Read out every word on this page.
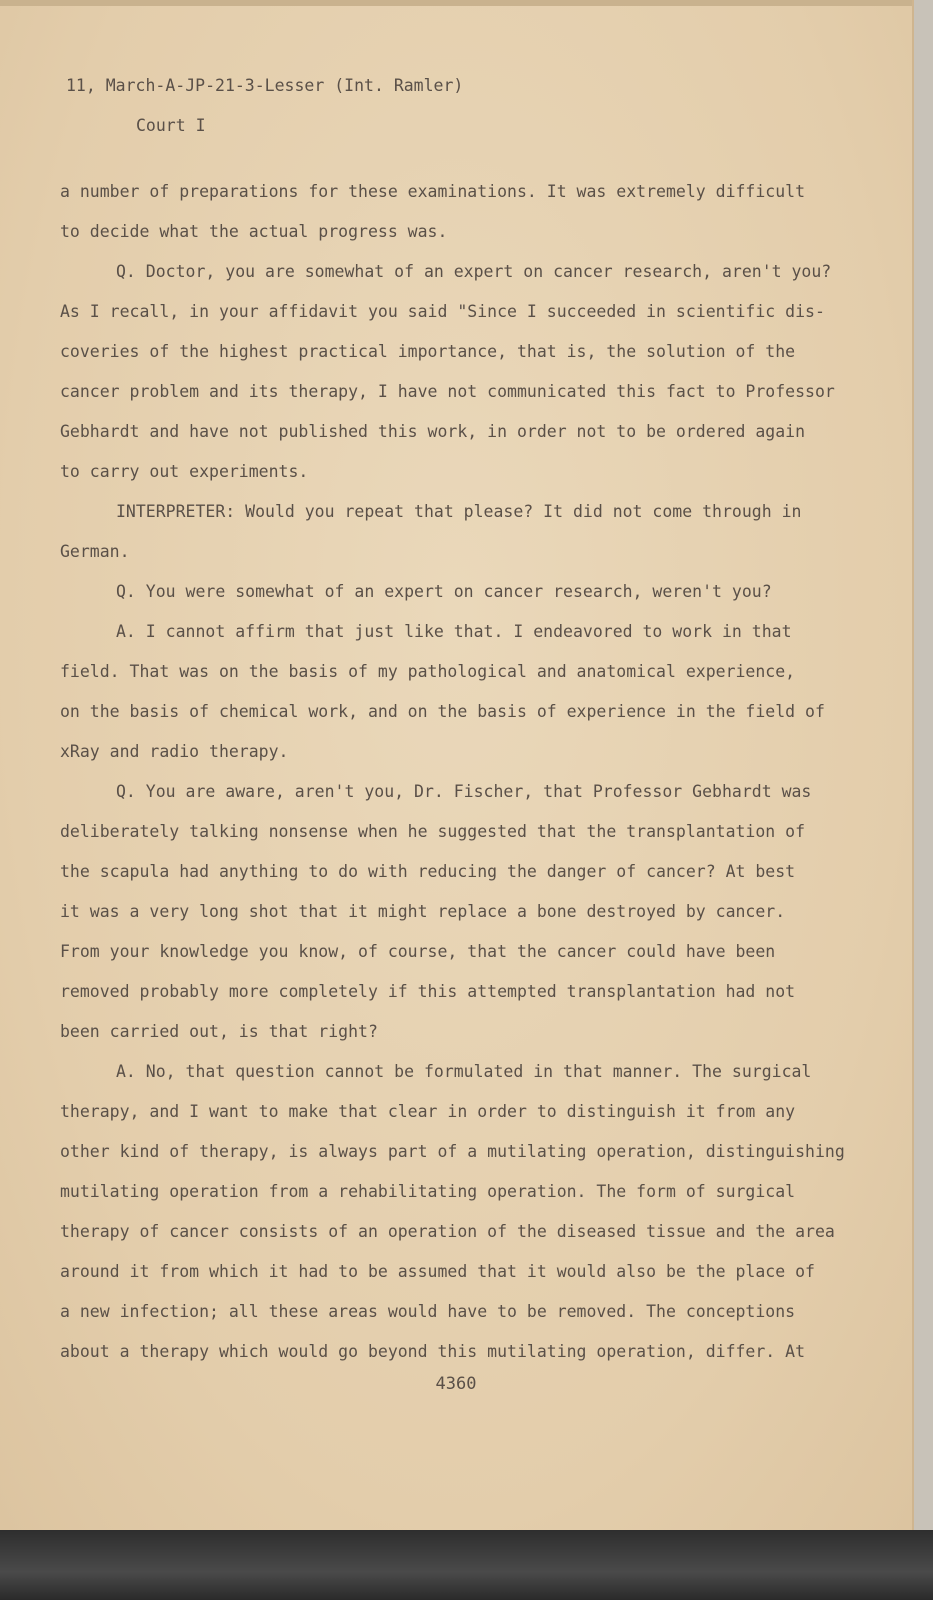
11, March-A-JP-21-3-Lesser (Int. Ramler)
Court I
a number of preparations for these examinations. It was extremely difficult
to decide what the actual progress was.
Q. Doctor, you are somewhat of an expert on cancer research, aren't you?
As I recall, in your affidavit you said "Since I succeeded in scientific dis-
coveries of the highest practical importance, that is, the solution of the
cancer problem and its therapy, I have not communicated this fact to Professor
Gebhardt and have not published this work, in order not to be ordered again
to carry out experiments.
INTERPRETER: Would you repeat that please? It did not come through in
German.
Q. You were somewhat of an expert on cancer research, weren't you?
A. I cannot affirm that just like that. I endeavored to work in that
field. That was on the basis of my pathological and anatomical experience,
on the basis of chemical work, and on the basis of experience in the field of
xRay and radio therapy.
Q. You are aware, aren't you, Dr. Fischer, that Professor Gebhardt was
deliberately talking nonsense when he suggested that the transplantation of
the scapula had anything to do with reducing the danger of cancer? At best
it was a very long shot that it might replace a bone destroyed by cancer.
From your knowledge you know, of course, that the cancer could have been
removed probably more completely if this attempted transplantation had not
been carried out, is that right?
A. No, that question cannot be formulated in that manner. The surgical
therapy, and I want to make that clear in order to distinguish it from any
other kind of therapy, is always part of a mutilating operation, distinguishing
mutilating operation from a rehabilitating operation. The form of surgical
therapy of cancer consists of an operation of the diseased tissue and the area
around it from which it had to be assumed that it would also be the place of
a new infection; all these areas would have to be removed. The conceptions
about a therapy which would go beyond this mutilating operation, differ. At
4360
